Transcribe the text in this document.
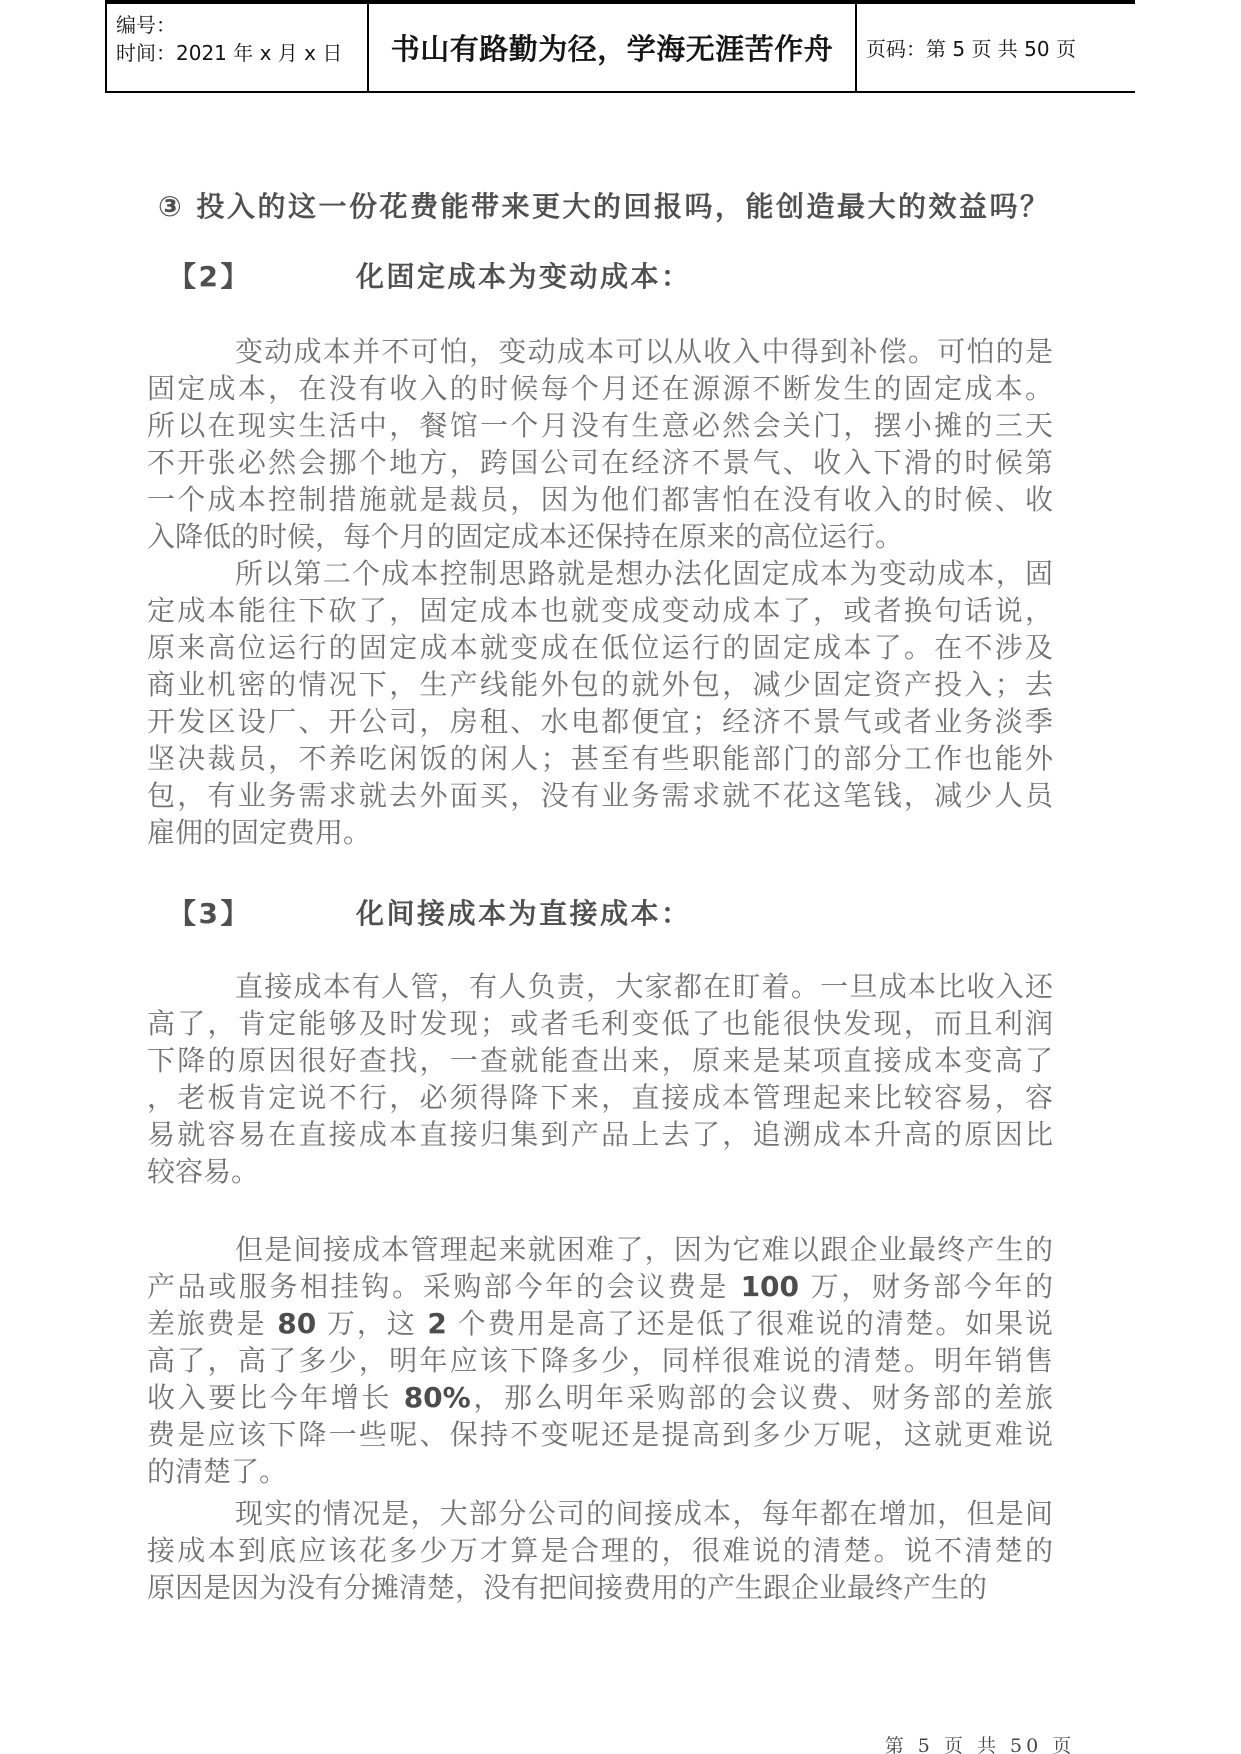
编号：
时间：2021 年 x 月 x 日	书山有路勤为径，学海无涯苦作舟 页码：第 5 页 共 50 页
③ 投入的这一份花费能带来更大的回报吗，能创造最大的效益吗？
【2】	化固定成本为变动成本：
变动成本并不可怕，变动成本可以从收入中得到补偿。可怕的是
固定成本，在没有收入的时候每个月还在源源不断发生的固定成本。
所以在现实生活中，餐馆一个月没有生意必然会关门，摆小摊的三天
不开张必然会挪个地方，跨国公司在经济不景气、收入下滑的时候第
一个成本控制措施就是裁员，因为他们都害怕在没有收入的时候、收
入降低的时候，每个月的固定成本还保持在原来的高位运行。
所以第二个成本控制思路就是想办法化固定成本为变动成本，固
定成本能往下砍了，固定成本也就变成变动成本了，或者换句话说，
原来高位运行的固定成本就变成在低位运行的固定成本了。在不涉及
商业机密的情况下，生产线能外包的就外包，减少固定资产投入；去
开发区设厂、开公司，房租、水电都便宜；经济不景气或者业务淡季
坚决裁员，不养吃闲饭的闲人；甚至有些职能部门的部分工作也能外
包，有业务需求就去外面买，没有业务需求就不花这笔钱，减少人员
雇佣的固定费用。
【3】	化间接成本为直接成本：
直接成本有人管，有人负责，大家都在盯着。一旦成本比收入还
高了，肯定能够及时发现；或者毛利变低了也能很快发现，而且利润
下降的原因很好查找，一查就能查出来，原来是某项直接成本变高了
，老板肯定说不行，必须得降下来，直接成本管理起来比较容易，容
易就容易在直接成本直接归集到产品上去了，追溯成本升高的原因比
较容易。
但是间接成本管理起来就困难了，因为它难以跟企业最终产生的
产品或服务相挂钩。采购部今年的会议费是 100 万，财务部今年的
差旅费是 80 万，这 2 个费用是高了还是低了很难说的清楚。如果说
高了，高了多少，明年应该下降多少，同样很难说的清楚。明年销售
收入要比今年增长 80%，那么明年采购部的会议费、财务部的差旅
费是应该下降一些呢、保持不变呢还是提高到多少万呢，这就更难说
的清楚了。
现实的情况是，大部分公司的间接成本，每年都在增加，但是间
接成本到底应该花多少万才算是合理的，很难说的清楚。说不清楚的
原因是因为没有分摊清楚，没有把间接费用的产生跟企业最终产生的
第 5 页 共 50 页
